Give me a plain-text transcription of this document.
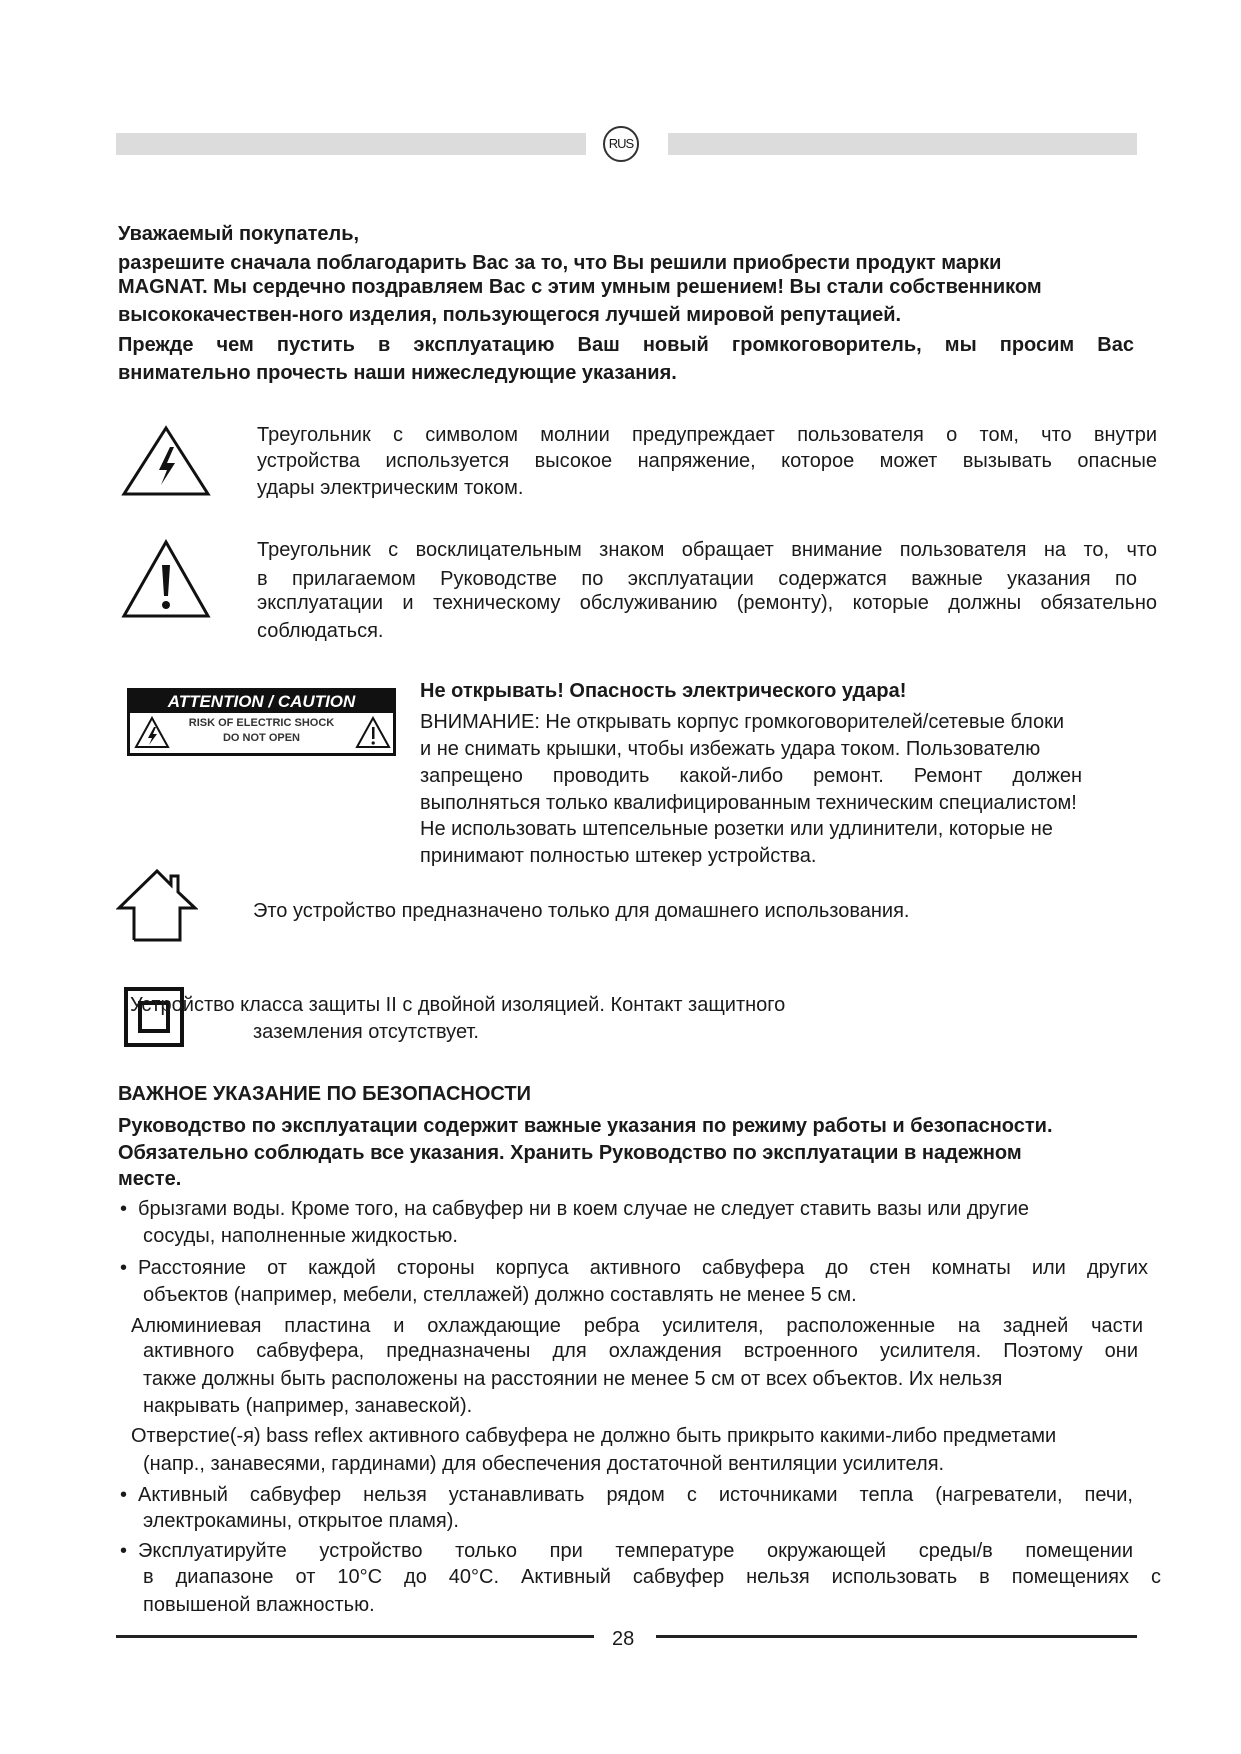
RUS
Уважаемый покупатель,
разрешите сначала поблагодарить Вас за то, что Вы решили приобрести продукт марки
MAGNAT. Мы сердечно поздравляем Вас с этим умным решением! Вы стали собственником
высококачествен-ного изделия, пользующегося лучшей мировой репутацией.
Прежде чем пустить в эксплуатацию Ваш новый громкоговоритель, мы просим Вас
внимательно прочесть наши нижеследующие указания.
Треугольник с символом молнии предупреждает пользователя о том, что внутри
устройства используется высокое напряжение, которое может вызывать опасные
удары электрическим током.
Треугольник с восклицательным знаком обращает внимание пользователя на то, что
в прилагаемом Руководстве по эксплуатации содержатся важные указания по
эксплуатации и техническому обслуживанию (ремонту), которые должны обязательно
соблюдаться.
ATTENTION / CAUTION
RISK OF ELECTRIC SHOCK
DO NOT OPEN
Не открывать! Опасность электрического удара!
ВНИМАНИЕ: Не открывать корпус громкоговорителей/сетевые блоки
и не снимать крышки, чтобы избежать удара током. Пользователю
запрещено проводить какой-либо ремонт. Ремонт должен
выполняться только квалифицированным техническим специалистом!
Не использовать штепсельные розетки или удлинители, которые не
принимают полностью штекер устройства.
Это устройство предназначено только для домашнего использования.
Устройство класса защиты II с двойной изоляцией. Контакт защитного
заземления отсутствует.
ВАЖНОЕ УКАЗАНИЕ ПО БЕЗОПАСНОСТИ
Руководство по эксплуатации содержит важные указания по режиму работы и безопасности.
Обязательно соблюдать все указания. Хранить Руководство по эксплуатации в надежном
месте.
• брызгами воды. Кроме того, на сабвуфер ни в коем случае не следует ставить вазы или другие
сосуды, наполненные жидкостью.
• Расстояние от каждой стороны корпуса активного сабвуфера до стен комнаты или других
объектов (например, мебели, стеллажей) должно составлять не менее 5 см.
Алюминиевая пластина и охлаждающие ребра усилителя, расположенные на задней части
активного сабвуфера, предназначены для охлаждения встроенного усилителя. Поэтому они
также должны быть расположены на расстоянии не менее 5 см от всех объектов. Их нельзя
накрывать (например, занавеской).
Отверстие(-я) bass reflex активного сабвуфера не должно быть прикрыто какими-либо предметами
(напр., занавесями, гардинами) для обеспечения достаточной вентиляции усилителя.
• Активный сабвуфер нельзя устанавливать рядом с источниками тепла (нагреватели, печи,
электрокамины, открытое пламя).
• Эксплуатируйте устройство только при температуре окружающей среды/в помещении
в диапазоне от 10°C до 40°C. Активный сабвуфер нельзя использовать в помещениях с
повышеной влажностью.
28
